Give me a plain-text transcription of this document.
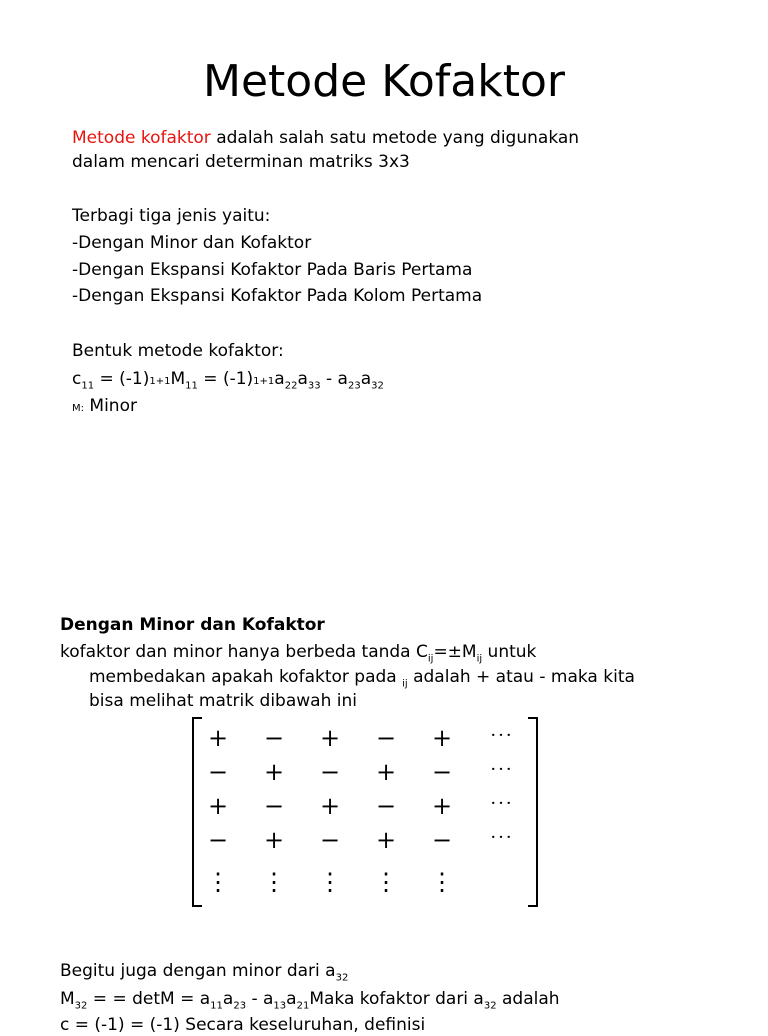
Metode Kofaktor
Metode kofaktor adalah salah satu metode yang digunakan
dalam mencari determinan matriks 3x3
Terbagi tiga jenis yaitu:
-Dengan Minor dan Kofaktor
-Dengan Ekspansi Kofaktor Pada Baris Pertama
-Dengan Ekspansi Kofaktor Pada Kolom Pertama
Bentuk metode kofaktor:
$c_{11} = (-1)1+1M_{11} = (-1)1+1a_{22}a_{33} - a_{23}a_{32}$
M: Minor
Dengan Minor dan Kofaktor
kofaktor dan minor hanya berbeda tanda $C_{ij}=\pm M_{ij}$ untuk
membedakan apakah kofaktor pada $_{ij}$ adalah + atau - maka kita
bisa melihat matrik dibawah ini
+	−	+	−	+	···
−	+	−	+	−	···
+	−	+	−	+	···
−	+	−	+	−	···
⋮	⋮	⋮	⋮	⋮
Begitu juga dengan minor dari $a_{32}$
$M_{32}$ = = $\det M = a_{11}a_{23}$ - $a_{13}a_{21}Maka$ kofaktor dari $a_{32}$ adalah
c = (-1) = (-1) Secara keseluruhan, definisi
